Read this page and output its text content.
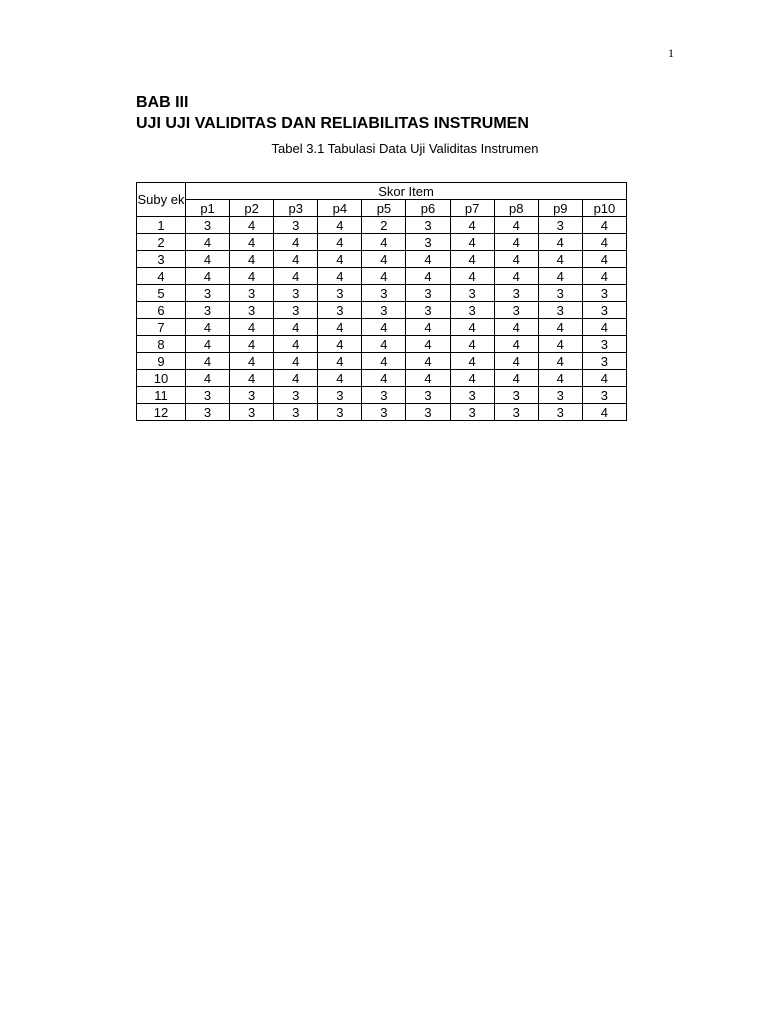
1
BAB III
UJI UJI VALIDITAS DAN RELIABILITAS INSTRUMEN
Tabel 3.1 Tabulasi Data Uji Validitas Instrumen
Suby ek	Skor Item									
	p1	p2	p3	p4	p5	p6	p7	p8	p9	p10
1	3	4	3	4	2	3	4	4	3	4
2	4	4	4	4	4	3	4	4	4	4
3	4	4	4	4	4	4	4	4	4	4
4	4	4	4	4	4	4	4	4	4	4
5	3	3	3	3	3	3	3	3	3	3
6	3	3	3	3	3	3	3	3	3	3
7	4	4	4	4	4	4	4	4	4	4
8	4	4	4	4	4	4	4	4	4	3
9	4	4	4	4	4	4	4	4	4	3
10	4	4	4	4	4	4	4	4	4	4
11	3	3	3	3	3	3	3	3	3	3
12	3	3	3	3	3	3	3	3	3	4
